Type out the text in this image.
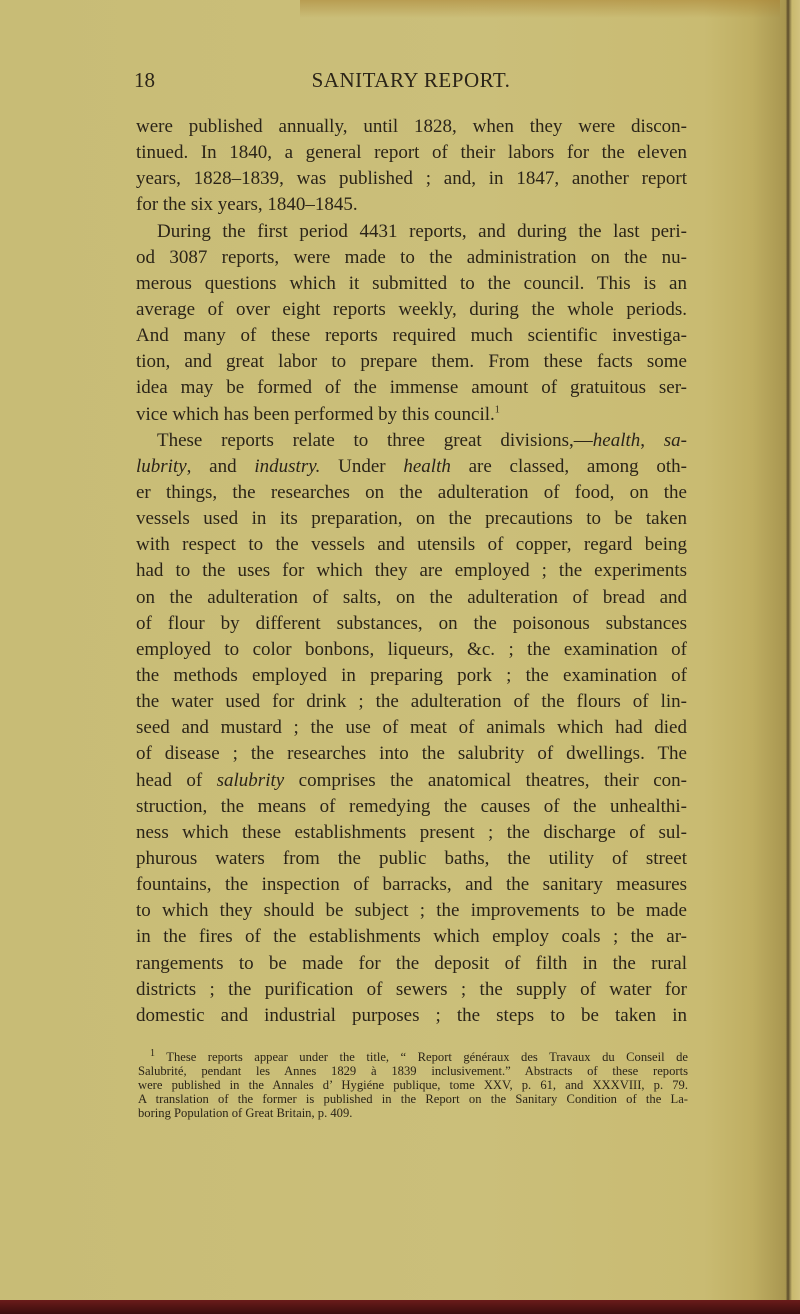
18	SANITARY REPORT.
were published annually, until 1828, when they were discon-
tinued. In 1840, a general report of their labors for the eleven
years, 1828–1839, was published ; and, in 1847, another report
for the six years, 1840–1845.
During the first period 4431 reports, and during the last peri-
od 3087 reports, were made to the administration on the nu-
merous questions which it submitted to the council. This is an
average of over eight reports weekly, during the whole periods.
And many of these reports required much scientific investiga-
tion, and great labor to prepare them. From these facts some
idea may be formed of the immense amount of gratuitous ser-
vice which has been performed by this council.$^1$
These reports relate to three great divisions,—health, sa-
lubrity, and industry. Under health are classed, among oth-
er things, the researches on the adulteration of food, on the
vessels used in its preparation, on the precautions to be taken
with respect to the vessels and utensils of copper, regard being
had to the uses for which they are employed ; the experiments
on the adulteration of salts, on the adulteration of bread and
of flour by different substances, on the poisonous substances
employed to color bonbons, liqueurs, &c. ; the examination of
the methods employed in preparing pork ; the examination of
the water used for drink ; the adulteration of the flours of lin-
seed and mustard ; the use of meat of animals which had died
of disease ; the researches into the salubrity of dwellings. The
head of salubrity comprises the anatomical theatres, their con-
struction, the means of remedying the causes of the unhealthi-
ness which these establishments present ; the discharge of sul-
phurous waters from the public baths, the utility of street
fountains, the inspection of barracks, and the sanitary measures
to which they should be subject ; the improvements to be made
in the fires of the establishments which employ coals ; the ar-
rangements to be made for the deposit of filth in the rural
districts ; the purification of sewers ; the supply of water for
domestic and industrial purposes ; the steps to be taken in
$^1$ These reports appear under the title, “ Report généraux des Travaux du Conseil de
Salubrité, pendant les Annes 1829 à 1839 inclusivement.” Abstracts of these reports
were published in the Annales d’ Hygiéne publique, tome XXV, p. 61, and XXXVIII, p. 79.
A translation of the former is published in the Report on the Sanitary Condition of the La-
boring Population of Great Britain, p. 409.
